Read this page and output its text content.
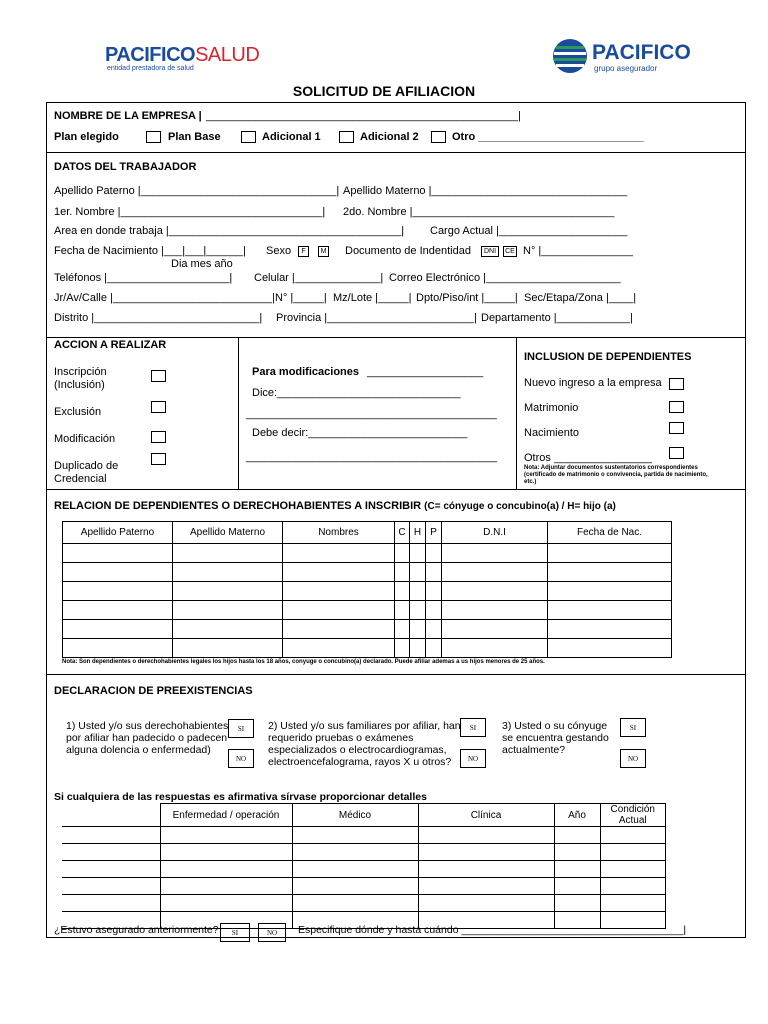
PACIFICOSALUD
entidad prestadora de salud
PACIFICO
grupo asegurador
SOLICITUD DE AFILIACION
NOMBRE DE LA EMPRESA | ___________________________________________________|
Plan elegido	Plan Base	Adicional 1	Adicional 2	Otro ___________________________
DATOS DEL TRABAJADOR
Apellido Paterno |________________________________| Apellido Materno |________________________________
1er. Nombre |_________________________________| 2do. Nombre |_________________________________
Area en donde trabaja |______________________________________| Cargo Actual |_____________________
Fecha de Nacimiento |___|___|______|
Dia mes año
Sexo	F	M Documento de Indentidad	DNI	CE N° |_______________
Teléfonos |____________________| Celular |______________| Correo Electrónico |______________________
Jr/Av/Calle |__________________________| N° |_____| Mz/Lote |_____| Dpto/Piso/int |_____| Sec/Etapa/Zona |____|
Distrito |___________________________| Provincia |________________________| Departamento |____________|
ACCION A REALIZAR
Inscripción
(Inclusión)
Exclusión
Modificación
Duplicado de
Credencial
Para modificaciones ___________________
Dice:______________________________
_________________________________________
Debe decir:__________________________
_________________________________________
INCLUSION DE DEPENDIENTES
Nuevo ingreso a la empresa
Matrimonio
Nacimiento
Otros ________________
Nota: Adjuntar documentos sustentatorios correspondientes (certificado de matrimonio o convivencia, partida de nacimiento, etc.)
RELACION DE DEPENDIENTES O DERECHOHABIENTES A INSCRIBIR (C= cónyuge o concubino(a) / H= hijo (a)
Apellido Paterno	Apellido Materno	Nombres	C	H	P	D.N.I	Fecha de Nac.

Nota: Son dependientes o derechohabientes legales los hijos hasta los 18 años, conyuge o concubino(a) declarado. Puede afiliar ademas a us hijos menores de 25 años.
DECLARACION DE PREEXISTENCIAS
1) Usted y/o sus derechohabientes
por afiliar han padecido o padecen
alguna dolencia o enfermedad)
SI
NO
2) Usted y/o sus familiares por afiliar, han
requerido pruebas o exámenes
especializados o electrocardiogramas,
electroencefalograma, rayos X u otros?
SI
NO
3) Usted o su cónyuge
se encuentra gestando
actualmente?
SI
NO
Si cualquiera de las respuestas es afirmativa sírvase proporcionar detalles
	Enfermedad / operación	Médico	Clínica	Año	Condición Actual

¿Estuvo asegurado anteriormente?	SI	NO	Especifique dónde y hasta cuándo ______________________________________|
